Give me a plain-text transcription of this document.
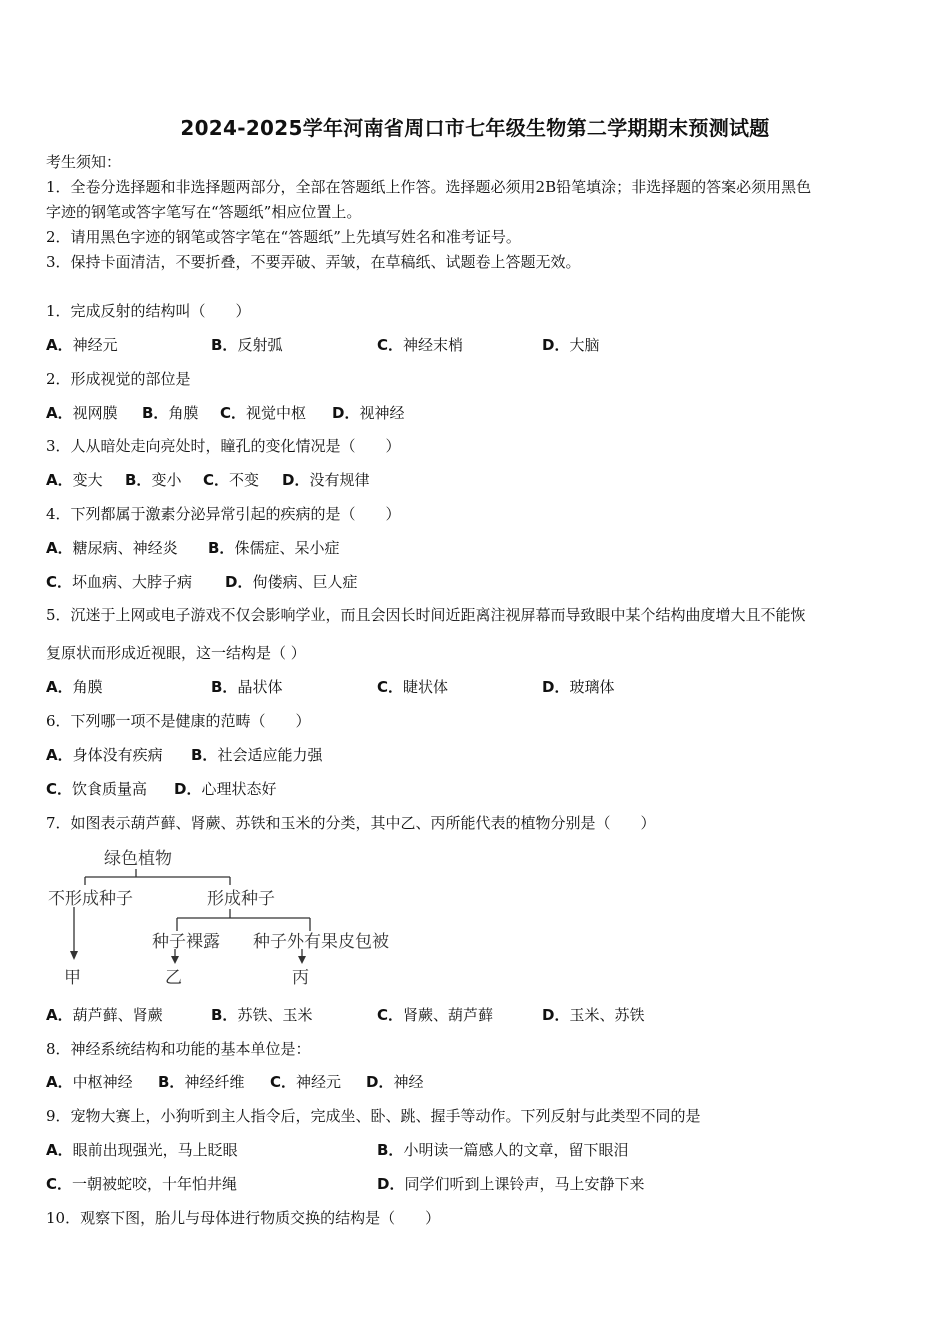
2024-2025学年河南省周口市七年级生物第二学期期末预测试题
考生须知：
1．全卷分选择题和非选择题两部分，全部在答题纸上作答。选择题必须用2B铅笔填涂；非选择题的答案必须用黑色
字迹的钢笔或答字笔写在“答题纸”相应位置上。
2．请用黑色字迹的钢笔或答字笔在“答题纸”上先填写姓名和准考证号。
3．保持卡面清洁，不要折叠，不要弄破、弄皱，在草稿纸、试题卷上答题无效。
1．完成反射的结构叫（　　）
A．神经元	B．反射弧	C．神经末梢	D．大脑
2．形成视觉的部位是
A．视网膜 B．角膜 C．视觉中枢 D．视神经
3．人从暗处走向亮处时，瞳孔的变化情况是（　　）
A．变大 B．变小 C．不变 D．没有规律
4．下列都属于激素分泌异常引起的疾病的是（　　）
A．糖尿病、神经炎 B．侏儒症、呆小症
C．坏血病、大脖子病 D．佝偻病、巨人症
5．沉迷于上网或电子游戏不仅会影响学业，而且会因长时间近距离注视屏幕而导致眼中某个结构曲度增大且不能恢
复原状而形成近视眼，这一结构是（ ）
A．角膜	B．晶状体	C．睫状体	D．玻璃体
6．下列哪一项不是健康的范畴（　　）
A．身体没有疾病 B．社会适应能力强
C．饮食质量高 D．心理状态好
7．如图表示葫芦藓、肾蕨、苏铁和玉米的分类，其中乙、丙所能代表的植物分别是（　　）
绿色植物
不形成种子	形成种子
种子裸露 种子外有果皮包被
甲	乙	丙
A．葫芦藓、肾蕨	B．苏铁、玉米	C．肾蕨、葫芦藓	D．玉米、苏铁
8．神经系统结构和功能的基本单位是：
A．中枢神经 B．神经纤维 C．神经元 D．神经
9．宠物大赛上，小狗听到主人指令后，完成坐、卧、跳、握手等动作。下列反射与此类型不同的是
A．眼前出现强光，马上眨眼	B．小明读一篇感人的文章，留下眼泪
C．一朝被蛇咬，十年怕井绳	D．同学们听到上课铃声，马上安静下来
10．观察下图，胎儿与母体进行物质交换的结构是（　　）
